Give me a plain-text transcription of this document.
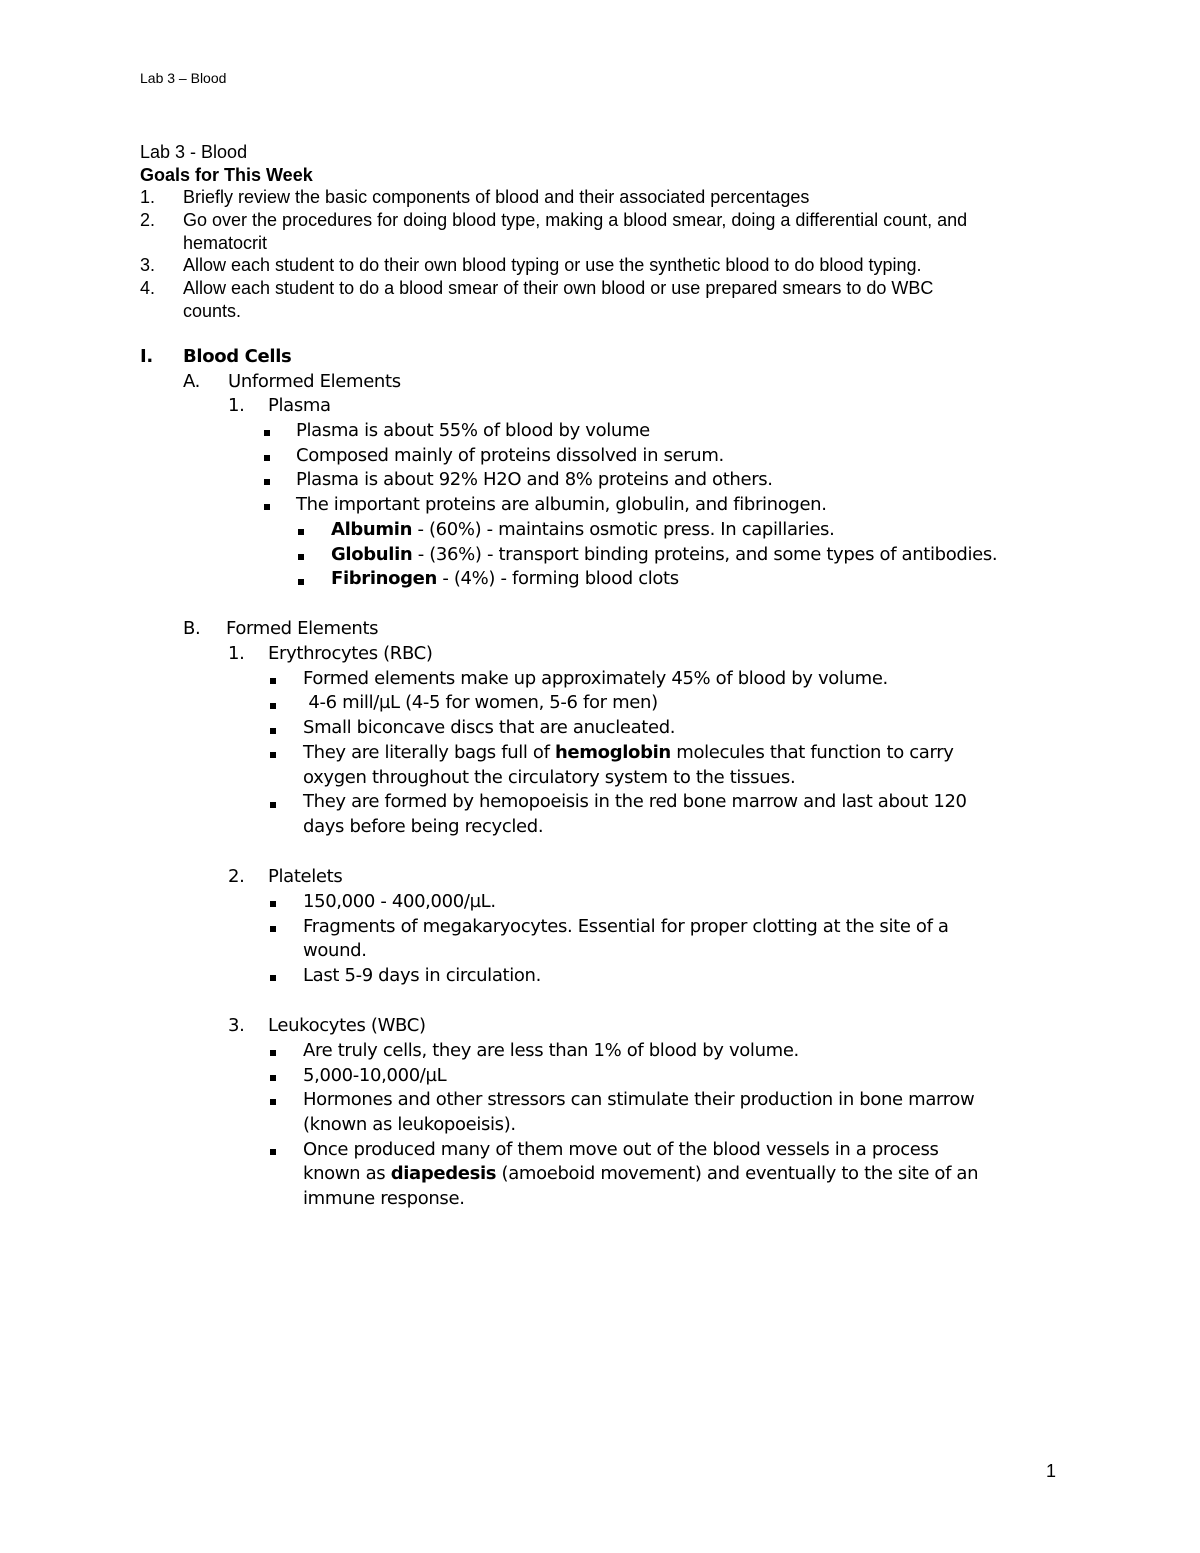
Lab 3 – Blood
Lab 3 - Blood
Goals for This Week
1. Briefly review the basic components of blood and their associated percentages
2. Go over the procedures for doing blood type, making a blood smear, doing a differential count, and
hematocrit
3. Allow each student to do their own blood typing or use the synthetic blood to do blood typing.
4. Allow each student to do a blood smear of their own blood or use prepared smears to do WBC
counts.
I. Blood Cells
A. Unformed Elements
1. Plasma
Plasma is about 55% of blood by volume
Composed mainly of proteins dissolved in serum.
Plasma is about 92% H2O and 8% proteins and others.
The important proteins are albumin, globulin, and fibrinogen.
Albumin - (60%) - maintains osmotic press. In capillaries.
Globulin - (36%) - transport binding proteins, and some types of antibodies.
Fibrinogen - (4%) - forming blood clots
B. Formed Elements
1. Erythrocytes (RBC)
Formed elements make up approximately 45% of blood by volume.
4-6 mill/µL (4-5 for women, 5-6 for men)
Small biconcave discs that are anucleated.
They are literally bags full of hemoglobin molecules that function to carry
oxygen throughout the circulatory system to the tissues.
They are formed by hemopoeisis in the red bone marrow and last about 120
days before being recycled.
2. Platelets
150,000 - 400,000/µL.
Fragments of megakaryocytes. Essential for proper clotting at the site of a
wound.
Last 5-9 days in circulation.
3. Leukocytes (WBC)
Are truly cells, they are less than 1% of blood by volume.
5,000-10,000/µL
Hormones and other stressors can stimulate their production in bone marrow
(known as leukopoeisis).
Once produced many of them move out of the blood vessels in a process
known as diapedesis (amoeboid movement) and eventually to the site of an
immune response.
1
